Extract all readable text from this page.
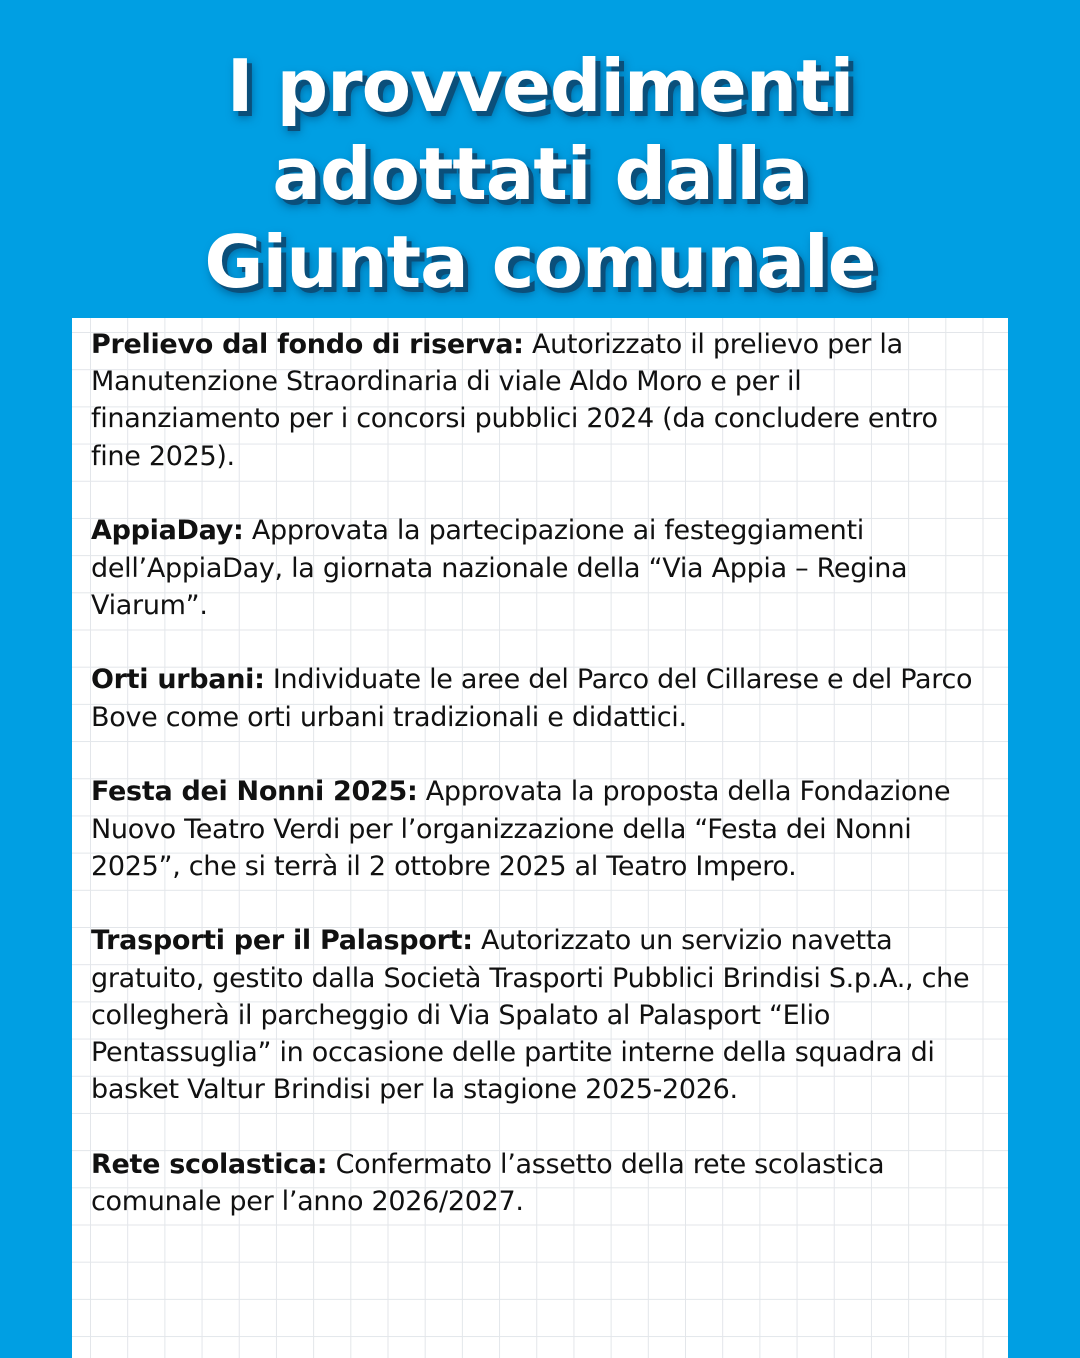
I provvedimenti
adottati dalla
Giunta comunale

Prelievo dal fondo di riserva: Autorizzato il prelievo per la Manutenzione Straordinaria di viale Aldo Moro e per il finanziamento per i concorsi pubblici 2024 (da concludere entro fine 2025).

AppiaDay: Approvata la partecipazione ai festeggiamenti dell’AppiaDay, la giornata nazionale della “Via Appia – Regina Viarum”.

Orti urbani: Individuate le aree del Parco del Cillarese e del Parco Bove come orti urbani tradizionali e didattici.

Festa dei Nonni 2025: Approvata la proposta della Fondazione Nuovo Teatro Verdi per l’organizzazione della “Festa dei Nonni 2025”, che si terrà il 2 ottobre 2025 al Teatro Impero.

Trasporti per il Palasport: Autorizzato un servizio navetta gratuito, gestito dalla Società Trasporti Pubblici Brindisi S.p.A., che collegherà il parcheggio di Via Spalato al Palasport “Elio Pentassuglia” in occasione delle partite interne della squadra di basket Valtur Brindisi per la stagione 2025-2026.

Rete scolastica: Confermato l’assetto della rete scolastica comunale per l’anno 2026/2027.
